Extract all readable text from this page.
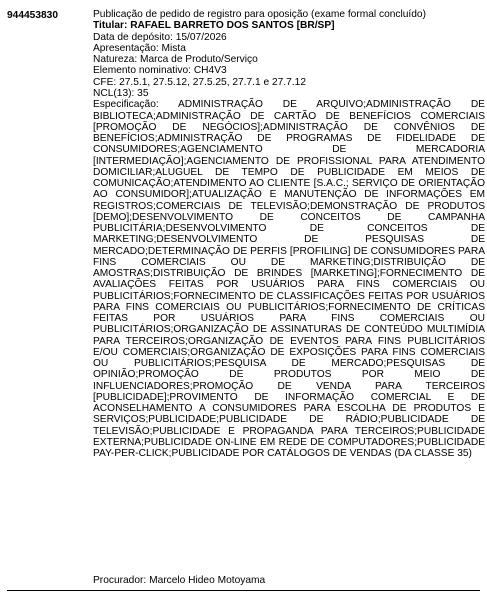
944453830	Publicação de pedido de registro para oposição (exame formal concluído)
Titular: RAFAEL BARRETO DOS SANTOS [BR/SP]
Data de depósito: 15/07/2026
Apresentação: Mista
Natureza: Marca de Produto/Serviço
Elemento nominativo: CH4V3
CFE: 27.5.1, 27.5.12, 27.5.25, 27.7.1 e 27.7.12
NCL(13): 35
Especificação: ADMINISTRAÇÃO DE ARQUIVO;ADMINISTRAÇÃO DE BIBLIOTECA;ADMINISTRAÇÃO DE CARTÃO DE BENEFÍCIOS COMERCIAIS [PROMOÇÃO DE NEGÓCIOS];ADMINISTRAÇÃO DE CONVÊNIOS DE BENEFÍCIOS;ADMINISTRAÇÃO DE PROGRAMAS DE FIDELIDADE DE CONSUMIDORES;AGENCIAMENTO DE MERCADORIA [INTERMEDIAÇÃO];AGENCIAMENTO DE PROFISSIONAL PARA ATENDIMENTO DOMICILIAR;ALUGUEL DE TEMPO DE PUBLICIDADE EM MEIOS DE COMUNICAÇÃO;ATENDIMENTO AO CLIENTE [S.A.C.; SERVIÇO DE ORIENTAÇÃO AO CONSUMIDOR];ATUALIZAÇÃO E MANUTENÇÃO DE INFORMAÇÕES EM REGISTROS;COMERCIAIS DE TELEVISÃO;DEMONSTRAÇÃO DE PRODUTOS [DEMO];DESENVOLVIMENTO DE CONCEITOS DE CAMPANHA PUBLICITÁRIA;DESENVOLVIMENTO DE CONCEITOS DE MARKETING;DESENVOLVIMENTO DE PESQUISAS DE MERCADO;DETERMINAÇÃO DE PERFIS [PROFILING] DE CONSUMIDORES PARA FINS COMERCIAIS OU DE MARKETING;DISTRIBUIÇÃO DE AMOSTRAS;DISTRIBUIÇÃO DE BRINDES [MARKETING];FORNECIMENTO DE AVALIAÇÕES FEITAS POR USUÁRIOS PARA FINS COMERCIAIS OU PUBLICITÁRIOS;FORNECIMENTO DE CLASSIFICAÇÕES FEITAS POR USUÁRIOS PARA FINS COMERCIAIS OU PUBLICITÁRIOS;FORNECIMENTO DE CRÍTICAS FEITAS POR USUÁRIOS PARA FINS COMERCIAIS OU PUBLICITÁRIOS;ORGANIZAÇÃO DE ASSINATURAS DE CONTEÚDO MULTIMÍDIA PARA TERCEIROS;ORGANIZAÇÃO DE EVENTOS PARA FINS PUBLICITÁRIOS E/OU COMERCIAIS;ORGANIZAÇÃO DE EXPOSIÇÕES PARA FINS COMERCIAIS OU PUBLICITÁRIOS;PESQUISA DE MERCADO;PESQUISAS DE OPINIÃO;PROMOÇÃO DE PRODUTOS POR MEIO DE INFLUENCIADORES;PROMOÇÃO DE VENDA PARA TERCEIROS [PUBLICIDADE];PROVIMENTO DE INFORMAÇÃO COMERCIAL E DE ACONSELHAMENTO A CONSUMIDORES PARA ESCOLHA DE PRODUTOS E SERVIÇOS;PUBLICIDADE;PUBLICIDADE DE RÁDIO;PUBLICIDADE DE TELEVISÃO;PUBLICIDADE E PROPAGANDA PARA TERCEIROS;PUBLICIDADE EXTERNA;PUBLICIDADE ON-LINE EM REDE DE COMPUTADORES;PUBLICIDADE PAY-PER-CLICK;PUBLICIDADE POR CATÁLOGOS DE VENDAS (DA CLASSE 35)
Procurador: Marcelo Hideo Motoyama
